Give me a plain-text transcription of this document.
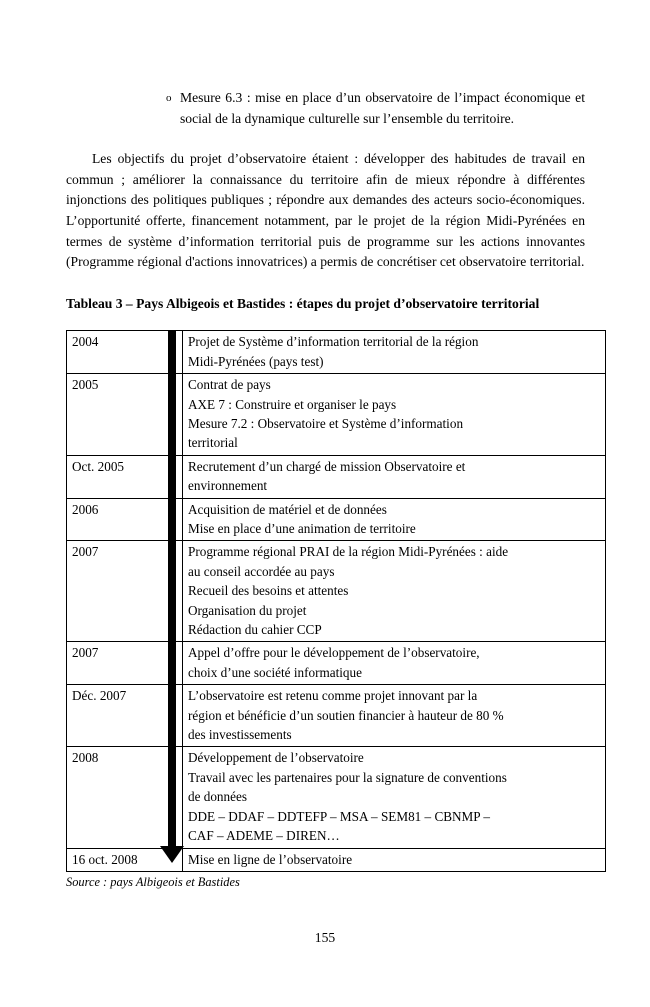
o Mesure 6.3 : mise en place d’un observatoire de l’impact économique et social de la dynamique culturelle sur l’ensemble du territoire.

Les objectifs du projet d’observatoire étaient : développer des habitudes de travail en commun ; améliorer la connaissance du territoire afin de mieux répondre à différentes injonctions des politiques publiques ; répondre aux demandes des acteurs socio-économiques. L’opportunité offerte, financement notamment, par le projet de la région Midi-Pyrénées en termes de système d’information territorial puis de programme sur les actions innovantes (Programme régional d'actions innovatrices) a permis de concrétiser cet observatoire territorial.

Tableau 3 – Pays Albigeois et Bastides : étapes du projet d’observatoire territorial
2004	Projet de Système d’information territorial de la région
Midi-Pyrénées (pays test)

2005	Contrat de pays
AXE 7 : Construire et organiser le pays
Mesure 7.2 : Observatoire et Système d’information
territorial

Oct. 2005	Recrutement d’un chargé de mission Observatoire et
environnement

2006	Acquisition de matériel et de données
Mise en place d’une animation de territoire

2007	Programme régional PRAI de la région Midi-Pyrénées : aide
au conseil accordée au pays
Recueil des besoins et attentes
Organisation du projet
Rédaction du cahier CCP

2007	Appel d’offre pour le développement de l’observatoire,
choix d’une société informatique

Déc. 2007	L’observatoire est retenu comme projet innovant par la
région et bénéficie d’un soutien financier à hauteur de 80 %
des investissements

2008	Développement de l’observatoire
Travail avec les partenaires pour la signature de conventions
de données
DDE – DDAF – DDTEFP – MSA – SEM81 – CBNMP –
CAF – ADEME – DIREN…

16 oct. 2008	Mise en ligne de l’observatoire
Source : pays Albigeois et Bastides
155
